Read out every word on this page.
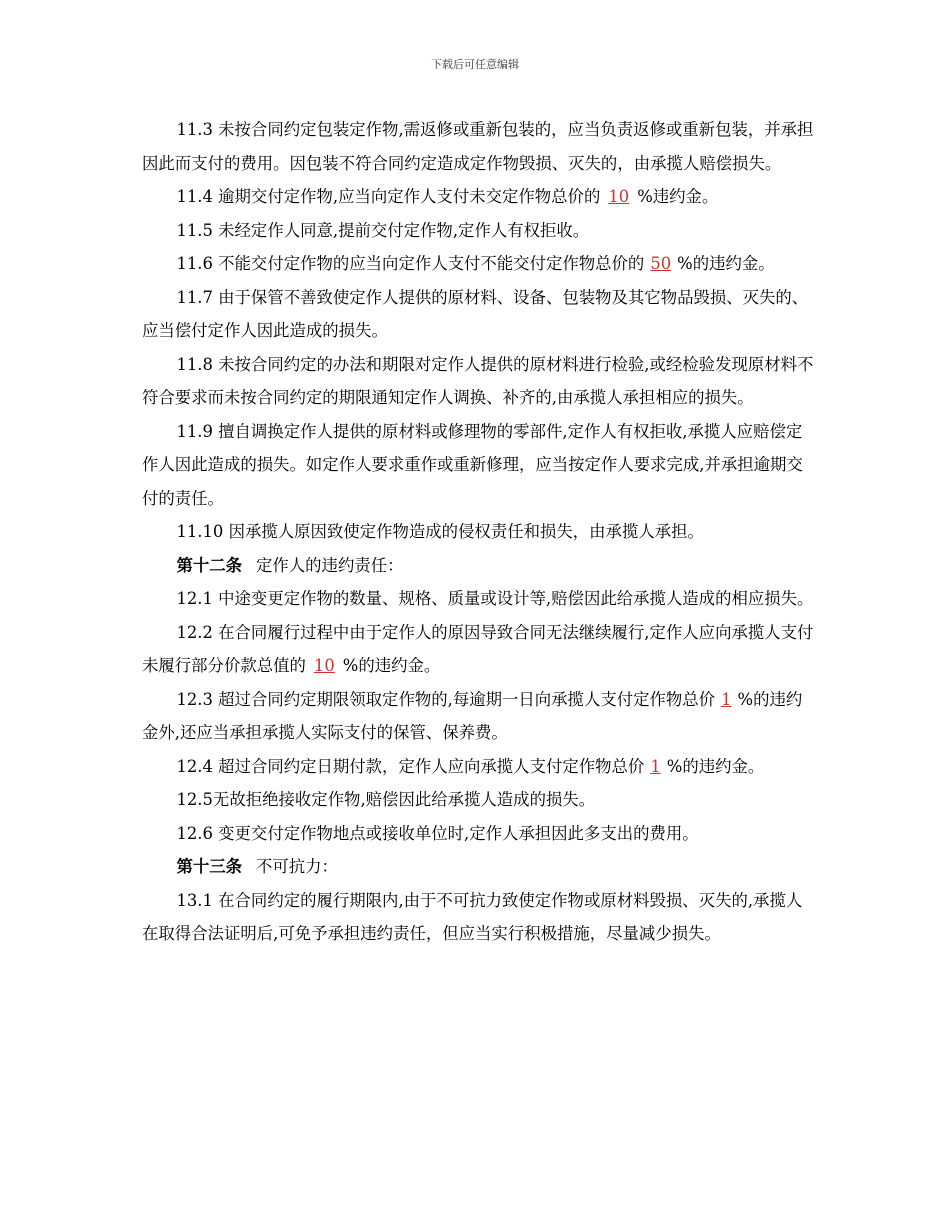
下载后可任意编辑

11.3 未按合同约定包装定作物,需返修或重新包装的，应当负责返修或重新包装，并承担因此而支付的费用。因包装不符合同约定造成定作物毁损、灭失的，由承揽人赔偿损失。

11.4 逾期交付定作物,应当向定作人支付未交定作物总价的 10 %违约金。

11.5 未经定作人同意,提前交付定作物,定作人有权拒收。

11.6 不能交付定作物的应当向定作人支付不能交付定作物总价的 50 %的违约金。

11.7 由于保管不善致使定作人提供的原材料、设备、包装物及其它物品毁损、灭失的、应当偿付定作人因此造成的损失。

11.8 未按合同约定的办法和期限对定作人提供的原材料进行检验,或经检验发现原材料不符合要求而未按合同约定的期限通知定作人调换、补齐的,由承揽人承担相应的损失。

11.9 擅自调换定作人提供的原材料或修理物的零部件,定作人有权拒收,承揽人应赔偿定作人因此造成的损失。如定作人要求重作或重新修理，应当按定作人要求完成,并承担逾期交付的责任。

11.10 因承揽人原因致使定作物造成的侵权责任和损失，由承揽人承担。

第十二条 定作人的违约责任：

12.1 中途变更定作物的数量、规格、质量或设计等,赔偿因此给承揽人造成的相应损失。

12.2 在合同履行过程中由于定作人的原因导致合同无法继续履行,定作人应向承揽人支付未履行部分价款总值的 10 %的违约金。

12.3 超过合同约定期限领取定作物的,每逾期一日向承揽人支付定作物总价 1 %的违约金外,还应当承担承揽人实际支付的保管、保养费。

12.4 超过合同约定日期付款，定作人应向承揽人支付定作物总价 1 %的违约金。

12.5无故拒绝接收定作物,赔偿因此给承揽人造成的损失。

12.6 变更交付定作物地点或接收单位时,定作人承担因此多支出的费用。

第十三条 不可抗力：

13.1 在合同约定的履行期限内,由于不可抗力致使定作物或原材料毁损、灭失的,承揽人在取得合法证明后,可免予承担违约责任，但应当实行积极措施，尽量减少损失。
